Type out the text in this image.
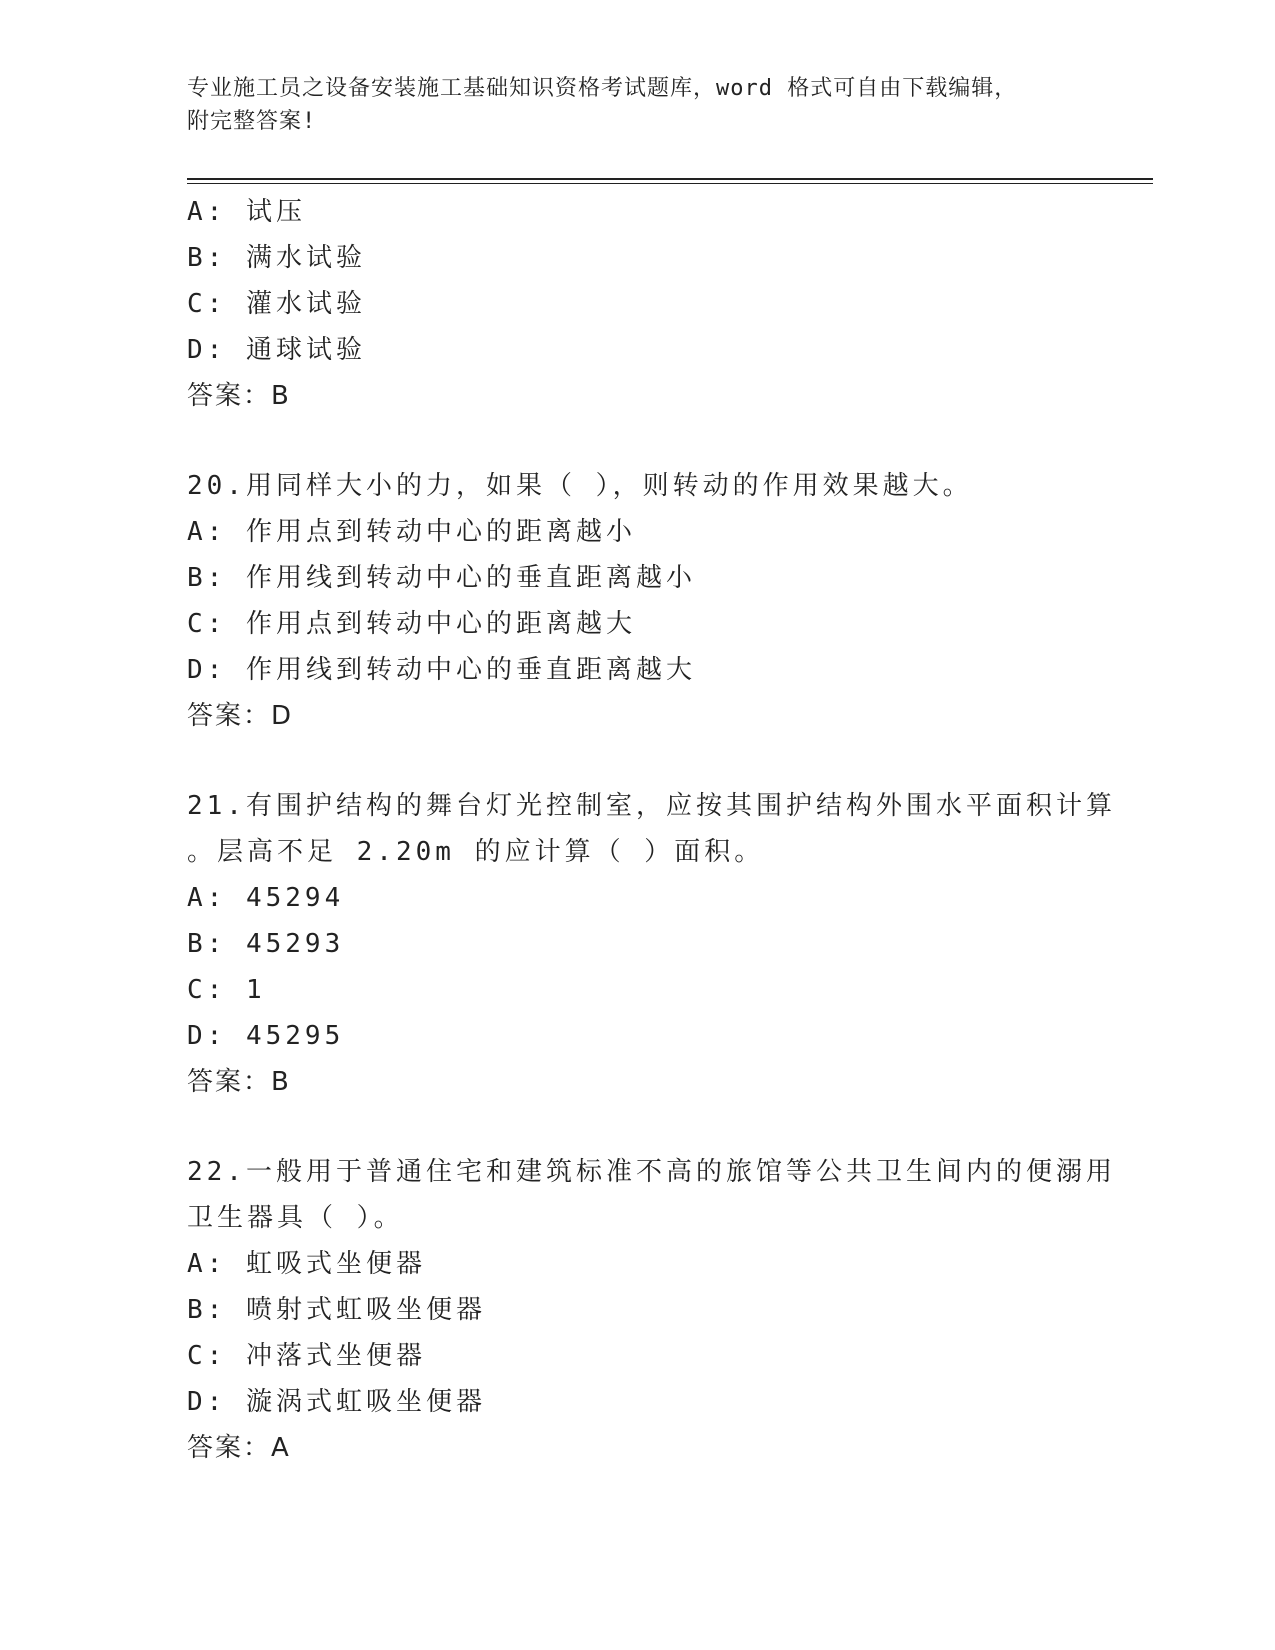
专业施工员之设备安装施工基础知识资格考试题库，word 格式可自由下载编辑，
附完整答案!
A: 试压
B: 满水试验
C: 灌水试验
D: 通球试验
答案：B
20.用同样大小的力，如果（ ），则转动的作用效果越大。
A: 作用点到转动中心的距离越小
B: 作用线到转动中心的垂直距离越小
C: 作用点到转动中心的距离越大
D: 作用线到转动中心的垂直距离越大
答案：D
21.有围护结构的舞台灯光控制室，应按其围护结构外围水平面积计算
。层高不足 2.20m 的应计算（ ）面积。
A: 45294
B: 45293
C: 1
D: 45295
答案：B
22.一般用于普通住宅和建筑标准不高的旅馆等公共卫生间内的便溺用
卫生器具（ ）。
A: 虹吸式坐便器
B: 喷射式虹吸坐便器
C: 冲落式坐便器
D: 漩涡式虹吸坐便器
答案：A
